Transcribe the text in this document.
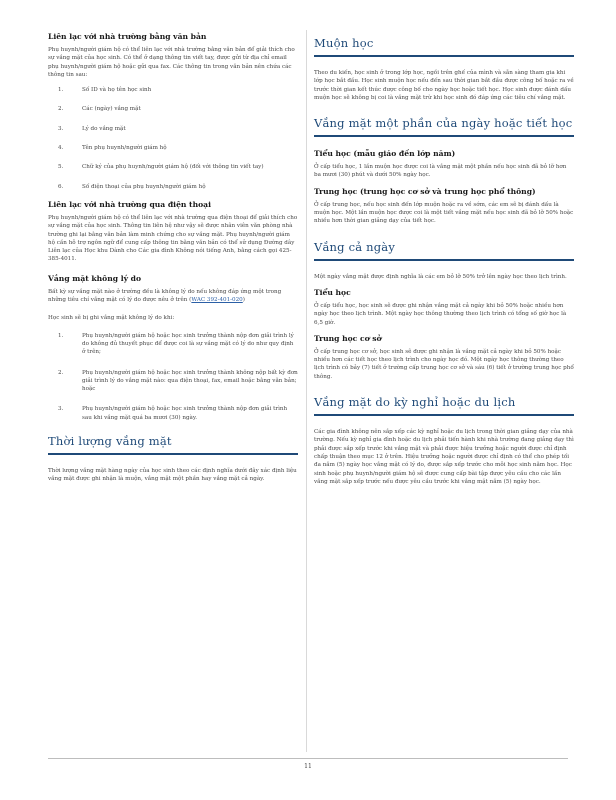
Liên lạc với nhà trường bằng văn bản
Phụ huynh/người giám hộ có thể liên lạc với nhà trường bằng văn bản để giải thích cho sự vắng mặt của học sinh. Có thể ở dạng thông tin viết tay, được gửi từ địa chỉ email phụ huynh/người giám hộ hoặc gửi qua fax. Các thông tin trong văn bản nên chứa các thông tin sau:
1.	Số ID và họ tên học sinh
2.	Các (ngày) vắng mặt
3.	Lý do vắng mặt
4.	Tên phụ huynh/người giám hộ
5.	Chữ ký của phụ huynh/người giám hộ (đối với thông tin viết tay)
6.	Số điện thoại của phụ huynh/người giám hộ
Liên lạc với nhà trường qua điện thoại
Phụ huynh/người giám hộ có thể liên lạc với nhà trường qua điện thoại để giải thích cho sự vắng mặt của học sinh. Thông tin liên hệ như vậy sẽ được nhân viên văn phòng nhà trường ghi lại bằng văn bản làm minh chứng cho sự vắng mặt. Phụ huynh/người giám hộ cần hỗ trợ ngôn ngữ để cung cấp thông tin bằng văn bản có thể sử dụng Đường dây Liên lạc của Học khu Dành cho Các gia đình Không nói tiếng Anh, bằng cách gọi 425-385-4011.
Vắng mặt không lý do
Bất kỳ sự vắng mặt nào ở trường đều là không lý do nếu không đáp ứng một trong những tiêu chí vắng mặt có lý do được nêu ở trên (WAC 392-401-020)
Học sinh sẽ bị ghi vắng mặt không lý do khi:
1.	Phụ huynh/người giám hộ hoặc học sinh trưởng thành nộp đơn giải trình lý do không đủ thuyết phục để được coi là sự vắng mặt có lý do như quy định ở trên;
2.	Phụ huynh/người giám hộ hoặc học sinh trưởng thành không nộp bất kỳ đơn giải trình lý do vắng mặt nào: qua điện thoại, fax, email hoặc bằng văn bản; hoặc
3.	Phụ huynh/người giám hộ hoặc học sinh trưởng thành nộp đơn giải trình sau khi vắng mặt quá ba mươi (30) ngày.
Thời lượng vắng mặt
Thời lượng vắng mặt hàng ngày của học sinh theo các định nghĩa dưới đây xác định liệu vắng mặt được ghi nhận là muộn, vắng mặt một phần hay vắng mặt cả ngày.
Muộn học
Theo du kiến, học sinh ở trong lớp học, ngồi trên ghế của mình và sẵn sàng tham gia khi lớp học bắt đầu. Học sinh muộn học nếu đến sau thời gian bắt đầu được công bố hoặc ra về trước thời gian kết thúc được công bố cho ngày học hoặc tiết học. Học sinh được đánh dấu muộn học sẽ không bị coi là vắng mặt trừ khi học sinh đó đáp ứng các tiêu chí vắng mặt.
Vắng mặt một phần của ngày hoặc tiết học
Tiểu học (mẫu giáo đến lớp năm)
Ở cấp tiểu học, 1 lần muộn học được coi là vắng mặt một phần nếu học sinh đã bỏ lỡ hơn ba mươi (30) phút và dưới 50% ngày học.
Trung học (trung học cơ sở và trung học phổ thông)
Ở cấp trung học, nếu học sinh đến lớp muộn hoặc ra về sớm, các em sẽ bị đánh dấu là muộn học. Một lần muộn học được coi là một tiết vắng mặt nếu học sinh đã bỏ lỡ 50% hoặc nhiều hơn thời gian giảng dạy của tiết học.
Vắng cả ngày
Một ngày vắng mặt được định nghĩa là các em bỏ lỡ 50% trở lên ngày học theo lịch trình.
Tiểu học
Ở cấp tiểu học, học sinh sẽ được ghi nhận vắng mặt cả ngày khi bỏ 50% hoặc nhiều hơn ngày học theo lịch trình. Một ngày học thông thường theo lịch trình có tổng số giờ học là 6,5 giờ.
Trung học cơ sở
Ở cấp trung học cơ sở, học sinh sẽ được ghi nhận là vắng mặt cả ngày khi bỏ 50% hoặc nhiều hơn các tiết học theo lịch trình cho ngày học đó. Một ngày học thông thường theo lịch trình có bảy (7) tiết ở trường cấp trung học cơ sở và sáu (6) tiết ở trường trung học phổ thông.
Vắng mặt do kỳ nghỉ hoặc du lịch
Các gia đình không nên sắp xếp các kỳ nghỉ hoặc du lịch trong thời gian giảng dạy của nhà trường. Nếu kỳ nghỉ gia đình hoặc du lịch phải tiến hành khi nhà trường đang giảng dạy thì phải được sắp xếp trước khi vắng mặt và phải được hiệu trưởng hoặc người được chỉ định chấp thuận theo mục 12 ở trên. Hiệu trưởng hoặc người được chỉ định có thể cho phép tối đa năm (5) ngày học vắng mặt có lý do, được sắp xếp trước cho mỗi học sinh năm học. Học sinh hoặc phụ huynh/người giám hộ sẽ được cung cấp bài tập được yêu cầu cho các lần vắng mặt sắp xếp trước nếu được yêu cầu trước khi vắng mặt năm (5) ngày học.
11
